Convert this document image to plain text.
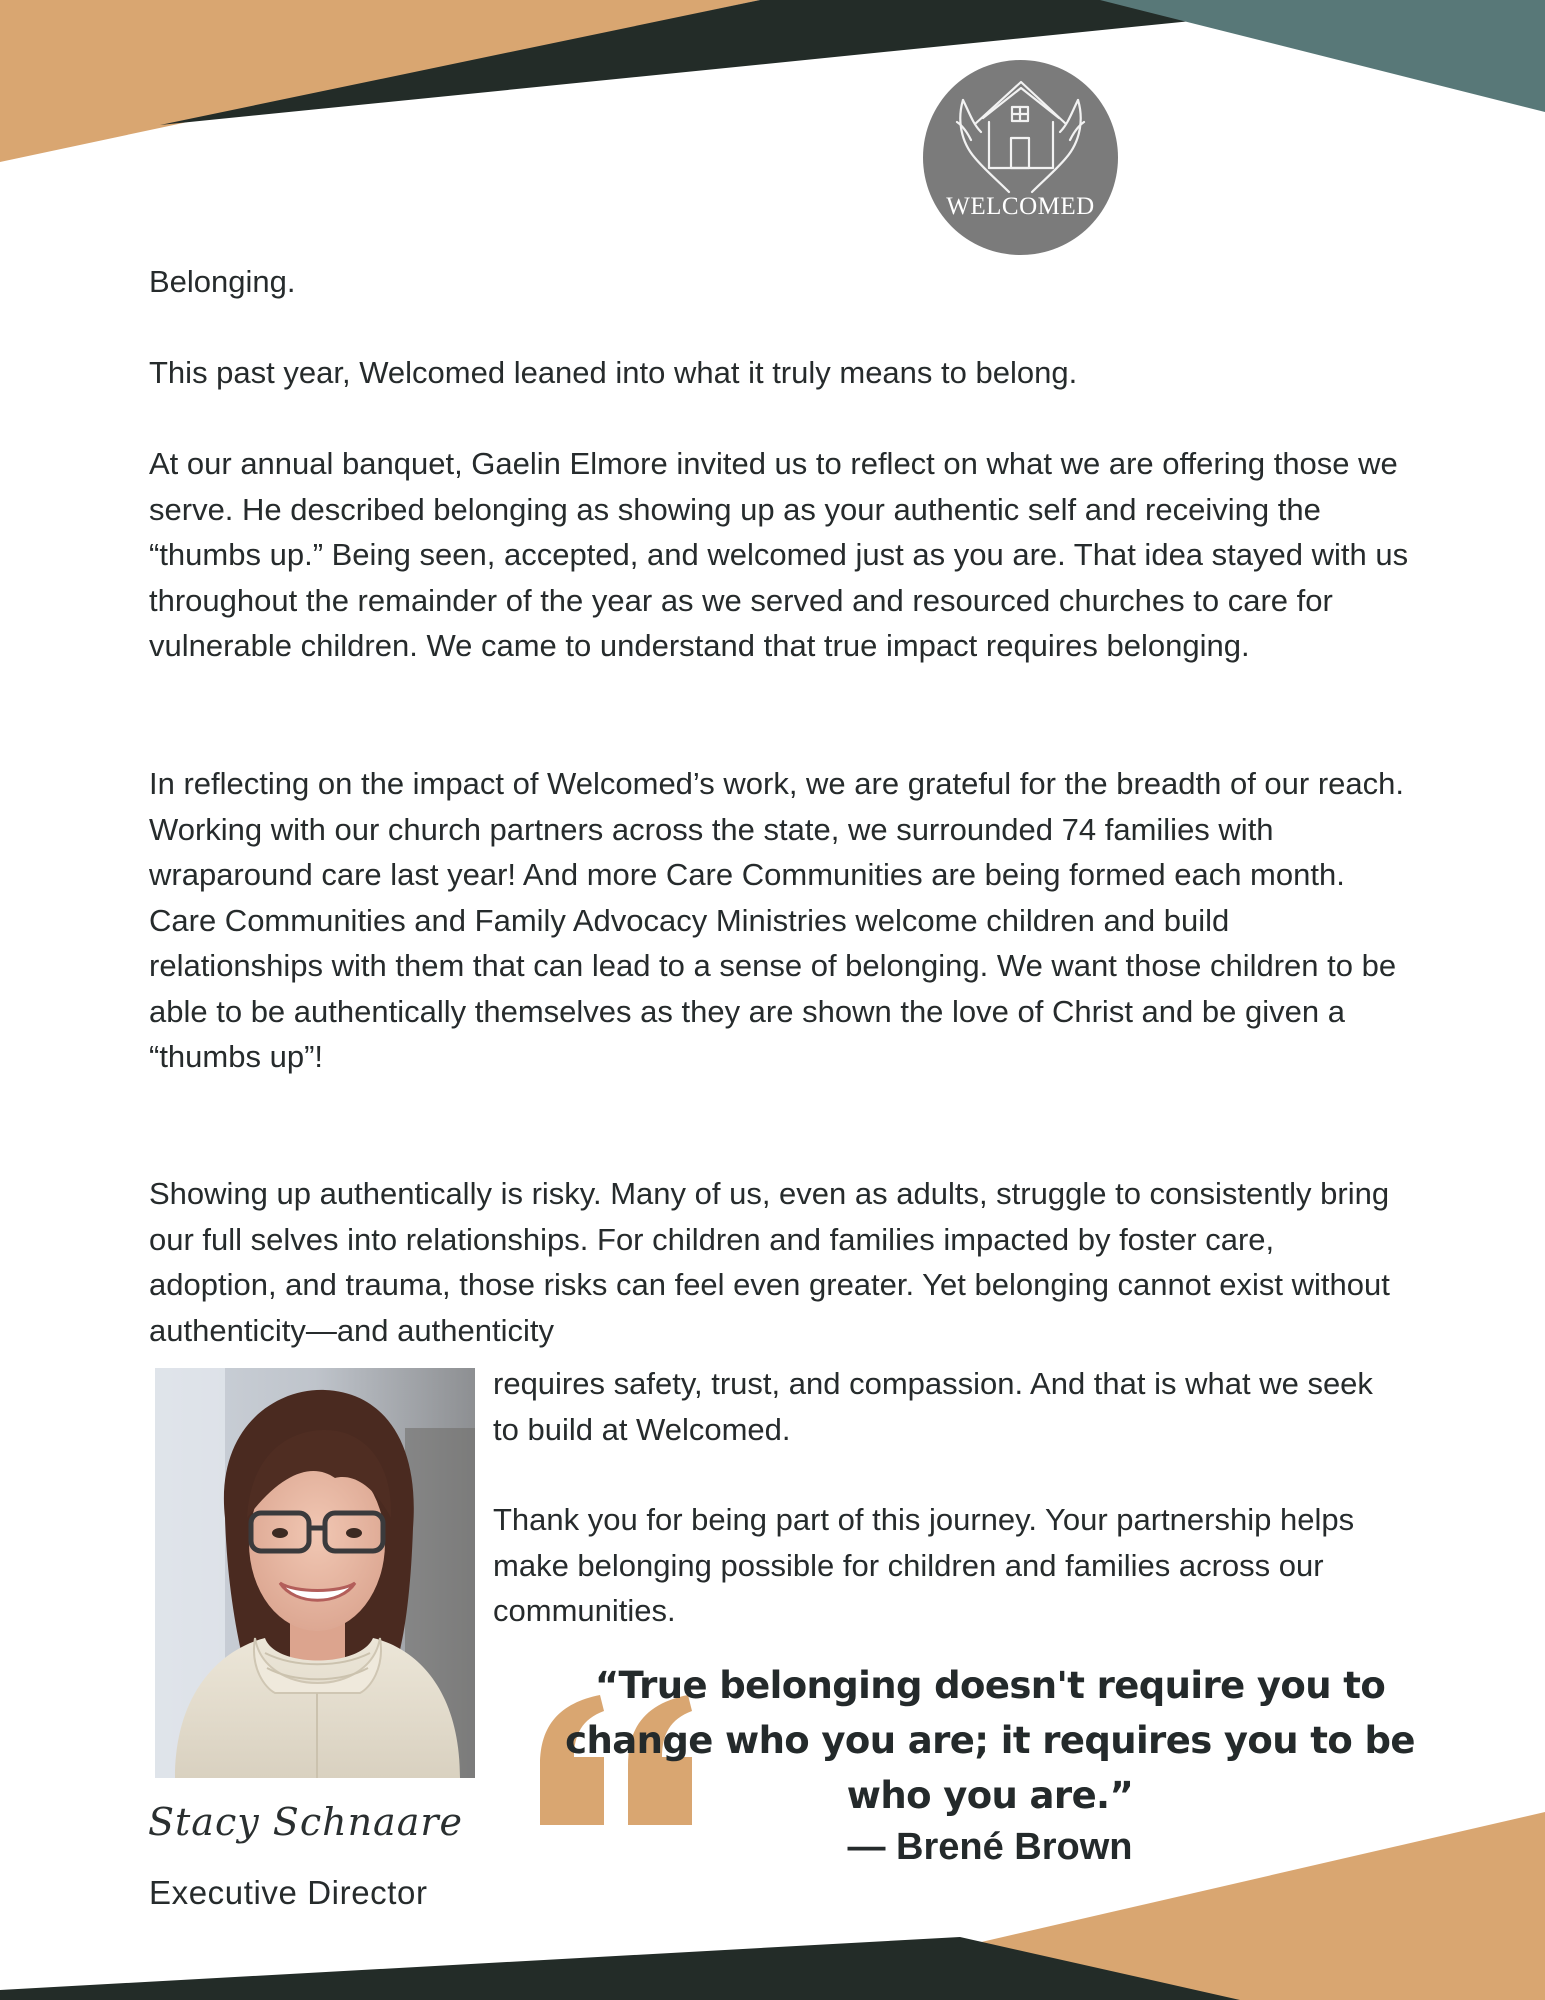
WELCOMED

Belonging.

This past year, Welcomed leaned into what it truly means to belong.

At our annual banquet, Gaelin Elmore invited us to reflect on what we are offering those we serve. He described belonging as showing up as your authentic self and receiving the “thumbs up.” Being seen, accepted, and welcomed just as you are. That idea stayed with us throughout the remainder of the year as we served and resourced churches to care for vulnerable children. We came to understand that true impact requires belonging.

In reflecting on the impact of Welcomed’s work, we are grateful for the breadth of our reach. Working with our church partners across the state, we surrounded 74 families with wraparound care last year! And more Care Communities are being formed each month. Care Communities and Family Advocacy Ministries welcome children and build relationships with them that can lead to a sense of belonging. We want those children to be able to be authentically themselves as they are shown the love of Christ and be given a “thumbs up”!

Showing up authentically is risky. Many of us, even as adults, struggle to consistently bring our full selves into relationships. For children and families impacted by foster care, adoption, and trauma, those risks can feel even greater. Yet belonging cannot exist without authenticity—and authenticity

requires safety, trust, and compassion. And that is what we seek to build at Welcomed.

Thank you for being part of this journey. Your partnership helps make belonging possible for children and families across our communities.

“True belonging doesn't require you to change who you are; it requires you to be who you are.”

— Brené Brown

Stacy Schnaare
Executive Director
